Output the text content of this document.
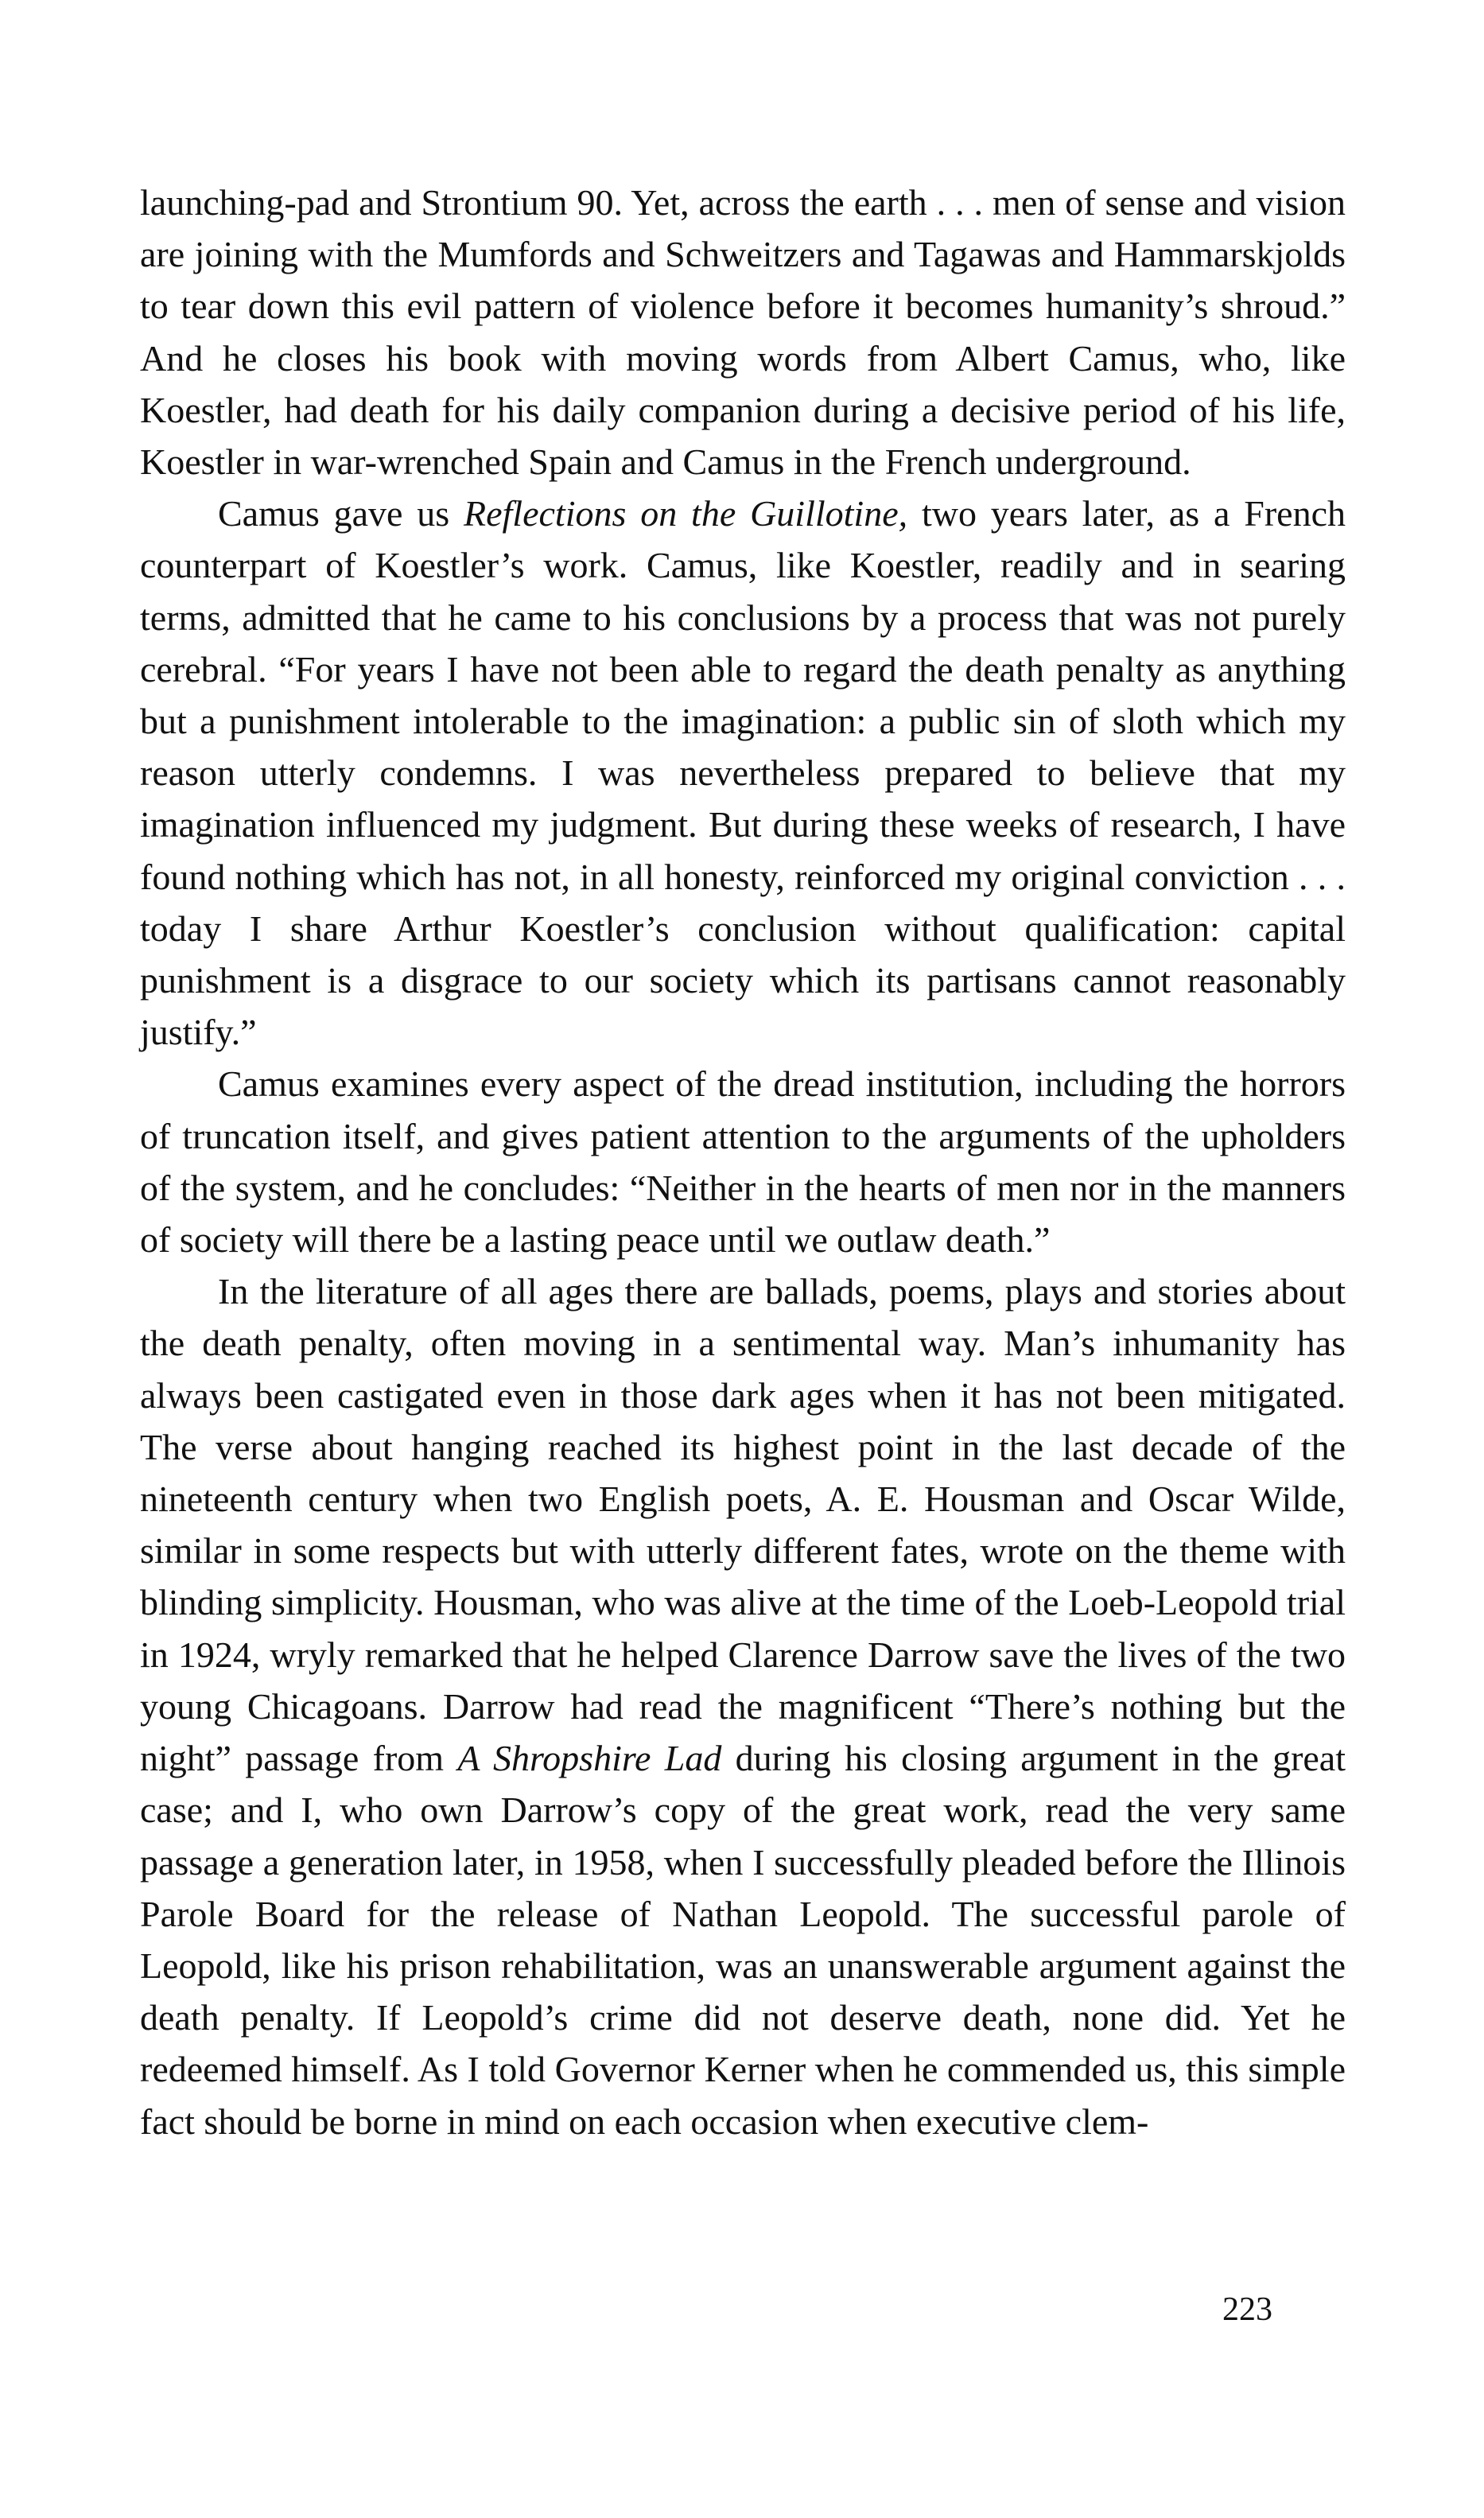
launching-pad and Strontium 90. Yet, across the earth . . . men of sense and vision are joining with the Mumfords and Schweitzers and Tagawas and Hammarskjolds to tear down this evil pattern of violence before it becomes humanity’s shroud.” And he closes his book with moving words from Albert Camus, who, like Koestler, had death for his daily companion during a decisive period of his life, Koestler in war-wrenched Spain and Camus in the French underground.

Camus gave us Reflections on the Guillotine, two years later, as a French counterpart of Koestler’s work. Camus, like Koestler, readily and in searing terms, admitted that he came to his conclusions by a process that was not purely cerebral. “For years I have not been able to regard the death penalty as anything but a punishment intolerable to the imagination: a public sin of sloth which my reason utterly condemns. I was nevertheless prepared to believe that my imagination influenced my judgment. But during these weeks of research, I have found nothing which has not, in all honesty, reinforced my original conviction . . . today I share Arthur Koestler’s conclusion without qualification: capital punishment is a disgrace to our society which its partisans cannot reasonably justify.”

Camus examines every aspect of the dread institution, including the horrors of truncation itself, and gives patient attention to the arguments of the upholders of the system, and he concludes: “Neither in the hearts of men nor in the manners of society will there be a lasting peace until we outlaw death.”

In the literature of all ages there are ballads, poems, plays and stories about the death penalty, often moving in a sentimental way. Man’s inhumanity has always been castigated even in those dark ages when it has not been mitigated. The verse about hanging reached its highest point in the last decade of the nineteenth century when two English poets, A. E. Housman and Oscar Wilde, similar in some respects but with utterly different fates, wrote on the theme with blinding simplicity. Housman, who was alive at the time of the Loeb-Leopold trial in 1924, wryly remarked that he helped Clarence Darrow save the lives of the two young Chicagoans. Darrow had read the magnificent “There’s nothing but the night” passage from A Shropshire Lad during his closing argument in the great case; and I, who own Darrow’s copy of the great work, read the very same passage a generation later, in 1958, when I successfully pleaded before the Illinois Parole Board for the release of Nathan Leopold. The successful parole of Leopold, like his prison rehabilitation, was an unanswerable argument against the death penalty. If Leopold’s crime did not deserve death, none did. Yet he redeemed himself. As I told Governor Kerner when he commended us, this simple fact should be borne in mind on each occasion when executive clem-

223
